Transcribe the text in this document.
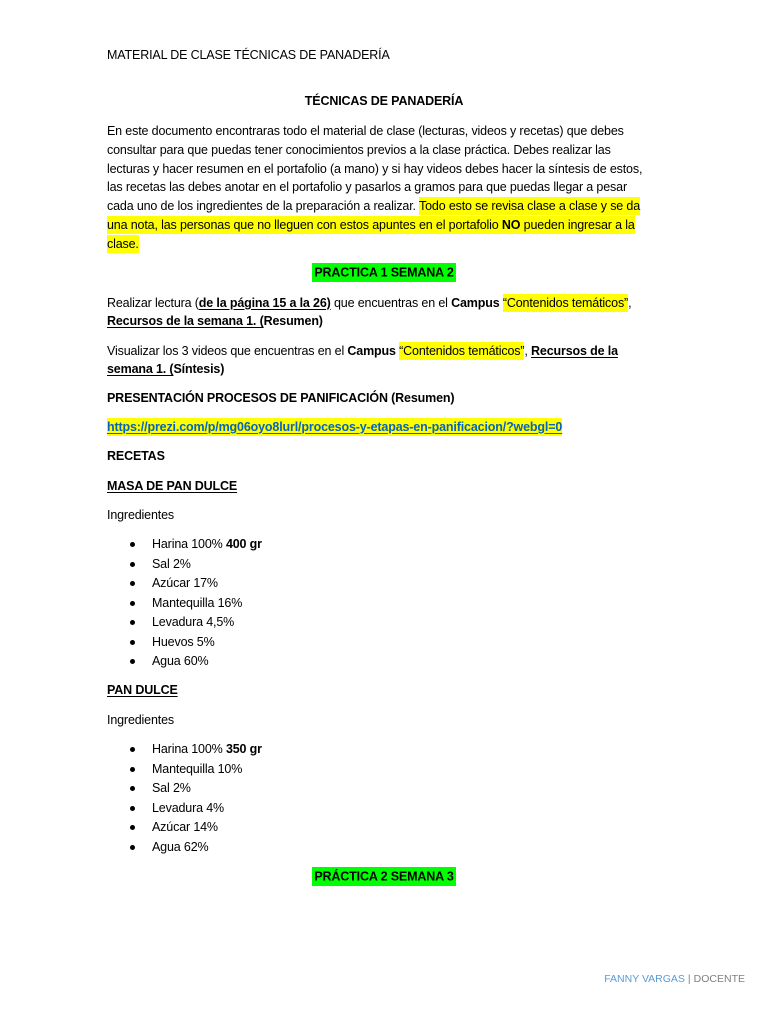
MATERIAL DE CLASE TÉCNICAS DE PANADERÍA
TÉCNICAS DE PANADERÍA
En este documento encontraras todo el material de clase (lecturas, videos y recetas) que debes
consultar para que puedas tener conocimientos previos a la clase práctica. Debes realizar las
lecturas y hacer resumen en el portafolio (a mano) y si hay videos debes hacer la síntesis de estos,
las recetas las debes anotar en el portafolio y pasarlos a gramos para que puedas llegar a pesar
cada uno de los ingredientes de la preparación a realizar. Todo esto se revisa clase a clase y se da
una nota, las personas que no lleguen con estos apuntes en el portafolio NO pueden ingresar a la
clase.
PRACTICA 1 SEMANA 2
Realizar lectura (de la página 15 a la 26) que encuentras en el Campus “Contenidos temáticos”,
Recursos de la semana 1. (Resumen)
Visualizar los 3 videos que encuentras en el Campus “Contenidos temáticos”, Recursos de la
semana 1. (Síntesis)
PRESENTACIÓN PROCESOS DE PANIFICACIÓN (Resumen)
https://prezi.com/p/mg06oyo8lurl/procesos-y-etapas-en-panificacion/?webgl=0
RECETAS
MASA DE PAN DULCE
Ingredientes
Harina 100% 400 gr
Sal 2%
Azúcar 17%
Mantequilla 16%
Levadura 4,5%
Huevos 5%
Agua 60%
PAN DULCE
Ingredientes
Harina 100% 350 gr
Mantequilla 10%
Sal 2%
Levadura 4%
Azúcar 14%
Agua 62%
PRÁCTICA 2 SEMANA 3
FANNY VARGAS | DOCENTE
